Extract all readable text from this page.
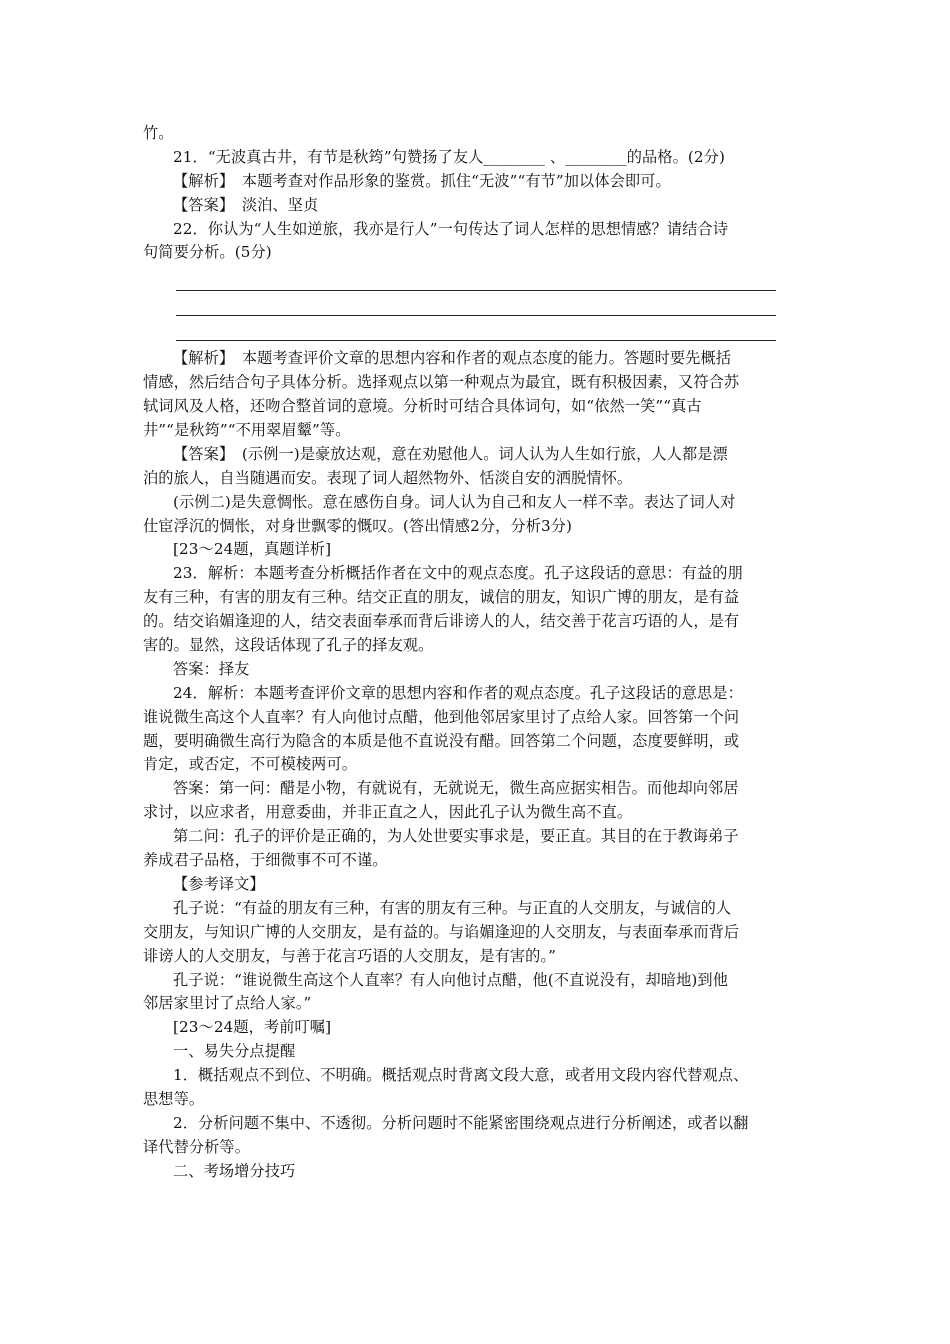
竹。
21．“无波真古井，有节是秋筠”句赞扬了友人________ 、________的品格。(2分)
【解析】　本题考查对作品形象的鉴赏。抓住“无波”“有节”加以体会即可。
【答案】　淡泊、坚贞
22．你认为“人生如逆旅，我亦是行人”一句传达了词人怎样的思想情感？请结合诗
句简要分析。(5分)
【解析】　本题考查评价文章的思想内容和作者的观点态度的能力。答题时要先概括
情感，然后结合句子具体分析。选择观点以第一种观点为最宜，既有积极因素，又符合苏
轼词风及人格，还吻合整首词的意境。分析时可结合具体词句，如“依然一笑”“真古
井”“是秋筠”“不用翠眉颦”等。
【答案】　(示例一)是豪放达观，意在劝慰他人。词人认为人生如行旅，人人都是漂
泊的旅人，自当随遇而安。表现了词人超然物外、恬淡自安的洒脱情怀。
(示例二)是失意惆怅。意在感伤自身。词人认为自己和友人一样不幸。表达了词人对
仕宦浮沉的惆怅，对身世飘零的慨叹。(答出情感2分，分析3分)
[23～24题，真题详析]
23．解析：本题考查分析概括作者在文中的观点态度。孔子这段话的意思：有益的朋
友有三种，有害的朋友有三种。结交正直的朋友，诚信的朋友，知识广博的朋友，是有益
的。结交谄媚逢迎的人，结交表面奉承而背后诽谤人的人，结交善于花言巧语的人，是有
害的。显然，这段话体现了孔子的择友观。
答案：择友
24．解析：本题考查评价文章的思想内容和作者的观点态度。孔子这段话的意思是：
谁说微生高这个人直率？有人向他讨点醋，他到他邻居家里讨了点给人家。回答第一个问
题，要明确微生高行为隐含的本质是他不直说没有醋。回答第二个问题，态度要鲜明，或
肯定，或否定，不可模棱两可。
答案：第一问：醋是小物，有就说有，无就说无，微生高应据实相告。而他却向邻居
求讨，以应求者，用意委曲，并非正直之人，因此孔子认为微生高不直。
第二问：孔子的评价是正确的，为人处世要实事求是，要正直。其目的在于教诲弟子
养成君子品格，于细微事不可不谨。
【参考译文】
孔子说：“有益的朋友有三种，有害的朋友有三种。与正直的人交朋友，与诚信的人
交朋友，与知识广博的人交朋友，是有益的。与谄媚逢迎的人交朋友，与表面奉承而背后
诽谤人的人交朋友，与善于花言巧语的人交朋友，是有害的。”
孔子说：“谁说微生高这个人直率？有人向他讨点醋，他(不直说没有，却暗地)到他
邻居家里讨了点给人家。”
[23～24题，考前叮嘱]
一、易失分点提醒
1．概括观点不到位、不明确。概括观点时背离文段大意，或者用文段内容代替观点、
思想等。
2．分析问题不集中、不透彻。分析问题时不能紧密围绕观点进行分析阐述，或者以翻
译代替分析等。
二、考场增分技巧
